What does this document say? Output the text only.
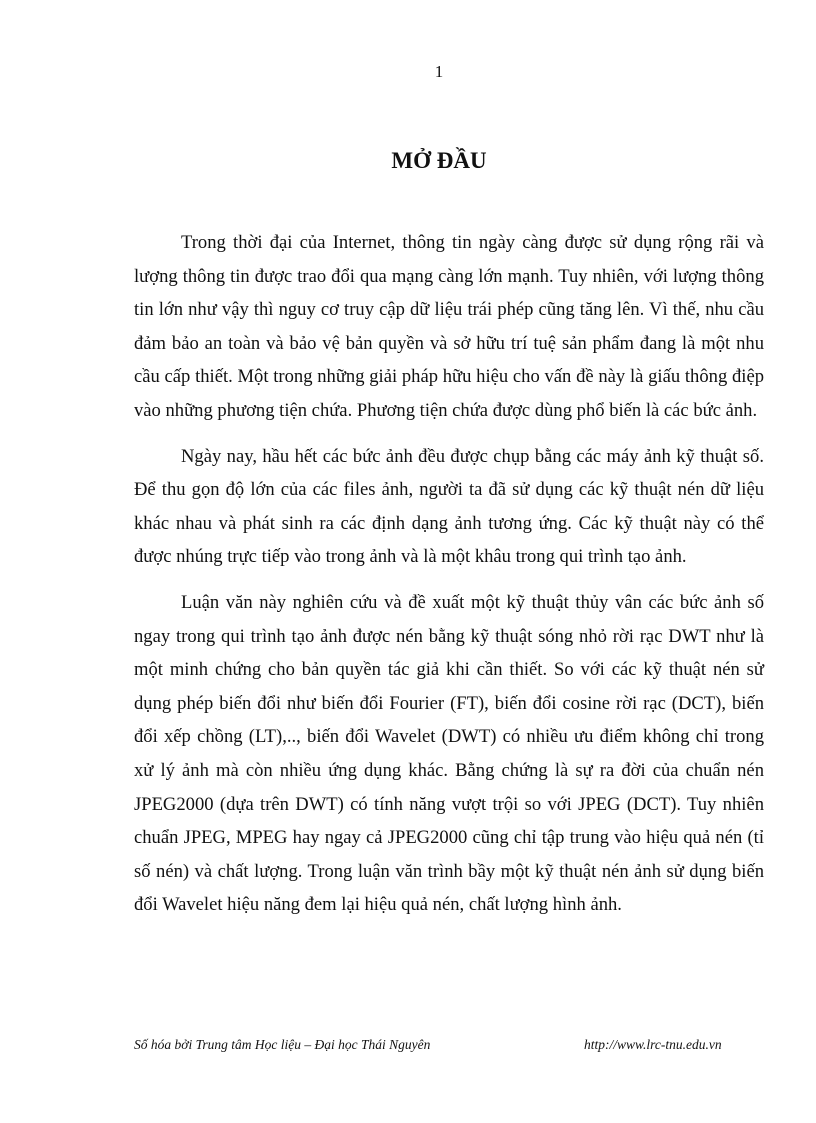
1
MỞ ĐẦU

Trong thời đại của Internet, thông tin ngày càng được sử dụng rộng rãi và lượng thông tin được trao đổi qua mạng càng lớn mạnh. Tuy nhiên, với lượng thông tin lớn như vậy thì nguy cơ truy cập dữ liệu trái phép cũng tăng lên. Vì thế, nhu cầu đảm bảo an toàn và bảo vệ bản quyền và sở hữu trí tuệ sản phẩm đang là một nhu cầu cấp thiết. Một trong những giải pháp hữu hiệu cho vấn đề này là giấu thông điệp vào những phương tiện chứa. Phương tiện chứa được dùng phổ biến là các bức ảnh.

Ngày nay, hầu hết các bức ảnh đều được chụp bằng các máy ảnh kỹ thuật số. Để thu gọn độ lớn của các files ảnh, người ta đã sử dụng các kỹ thuật nén dữ liệu khác nhau và phát sinh ra các định dạng ảnh tương ứng. Các kỹ thuật này có thể được nhúng trực tiếp vào trong ảnh và là một khâu trong qui trình tạo ảnh.

Luận văn này nghiên cứu và đề xuất một kỹ thuật thủy vân các bức ảnh số ngay trong qui trình tạo ảnh được nén bằng kỹ thuật sóng nhỏ rời rạc DWT như là một minh chứng cho bản quyền tác giả khi cần thiết. So với các kỹ thuật nén sử dụng phép biến đổi như biến đổi Fourier (FT), biến đổi cosine rời rạc (DCT), biến đổi xếp chồng (LT),.., biến đổi Wavelet (DWT) có nhiều ưu điểm không chỉ trong xử lý ảnh mà còn nhiều ứng dụng khác. Bằng chứng là sự ra đời của chuẩn nén JPEG2000 (dựa trên DWT) có tính năng vượt trội so với JPEG (DCT). Tuy nhiên chuẩn JPEG, MPEG hay ngay cả JPEG2000 cũng chỉ tập trung vào hiệu quả nén (tỉ số nén) và chất lượng. Trong luận văn trình bầy một kỹ thuật nén ảnh sử dụng biến đổi Wavelet hiệu năng đem lại hiệu quả nén, chất lượng hình ảnh.

Số hóa bởi Trung tâm Học liệu – Đại học Thái Nguyên	http://www.lrc-tnu.edu.vn
